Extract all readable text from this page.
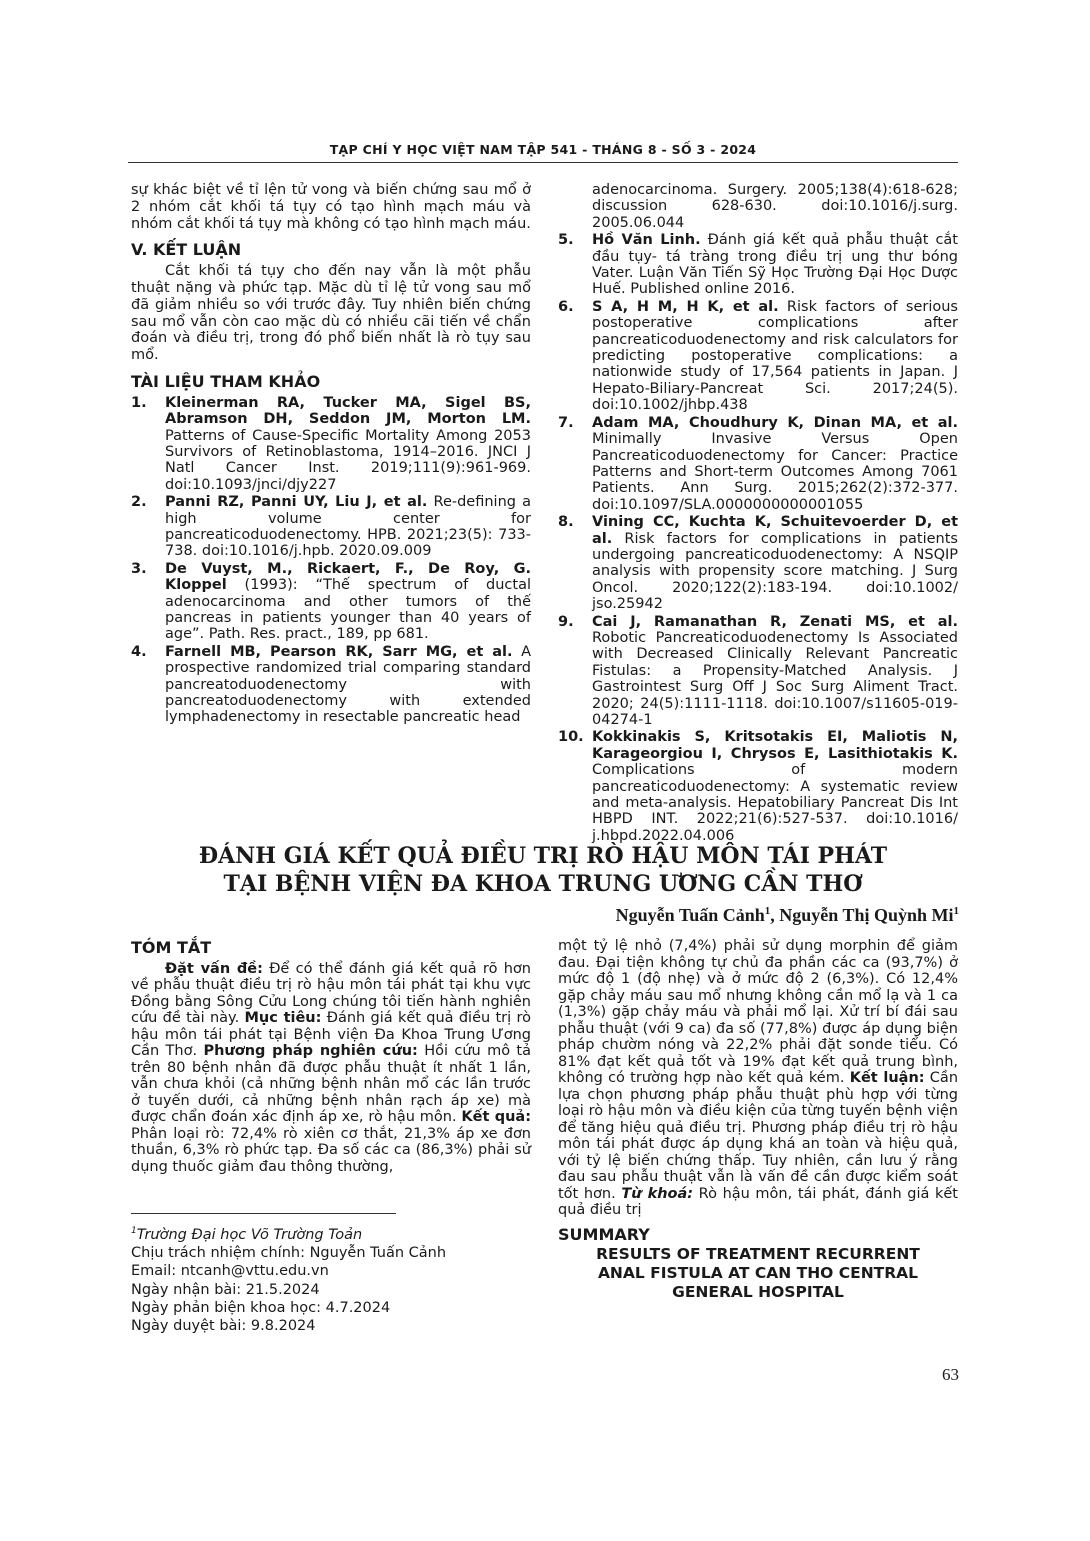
TẠP CHÍ Y HỌC VIỆT NAM TẬP 541 - THÁNG 8 - SỐ 3 - 2024

sự khác biệt về tỉ lện tử vong và biến chứng sau mổ ở 2 nhóm cắt khối tá tụy có tạo hình mạch máu và nhóm cắt khối tá tụy mà không có tạo hình mạch máu.

V. KẾT LUẬN

Cắt khối tá tụy cho đến nay vẫn là một phẫu thuật nặng và phức tạp. Mặc dù tỉ lệ tử vong sau mổ đã giảm nhiều so với trước đây. Tuy nhiên biến chứng sau mổ vẫn còn cao mặc dù có nhiều cãi tiến về chẩn đoán và điều trị, trong đó phổ biến nhất là rò tụy sau mổ.

TÀI LIỆU THAM KHẢO
1. Kleinerman RA, Tucker MA, Sigel BS, Abramson DH, Seddon JM, Morton LM. Patterns of Cause-Specific Mortality Among 2053 Survivors of Retinoblastoma, 1914–2016. JNCI J Natl Cancer Inst. 2019;111(9):961-969. doi:10.1093/jnci/djy227
2. Panni RZ, Panni UY, Liu J, et al. Re-defining a high volume center for pancreaticoduodenectomy. HPB. 2021;23(5): 733-738. doi:10.1016/j.hpb. 2020.09.009
3. De Vuyst, M., Rickaert, F., De Roy, G. Kloppel (1993): “Thế spectrum of ductal adenocarcinoma and other tumors of thế pancreas in patients younger than 40 years of age”. Path. Res. pract., 189, pp 681.
4. Farnell MB, Pearson RK, Sarr MG, et al. A prospective randomized trial comparing standard pancreatoduodenectomy with pancreatoduodenectomy with extended lymphadenectomy in resectable pancreatic head
adenocarcinoma. Surgery. 2005;138(4):618-628; discussion 628-630. doi:10.1016/j.surg. 2005.06.044
5. Hồ Văn Linh. Đánh giá kết quả phẫu thuật cắt đầu tụy- tá tràng trong điều trị ung thư bóng Vater. Luận Văn Tiến Sỹ Học Trường Đại Học Dược Huế. Published online 2016.
6. S A, H M, H K, et al. Risk factors of serious postoperative complications after pancreaticoduodenectomy and risk calculators for predicting postoperative complications: a nationwide study of 17,564 patients in Japan. J Hepato-Biliary-Pancreat Sci. 2017;24(5). doi:10.1002/jhbp.438
7. Adam MA, Choudhury K, Dinan MA, et al. Minimally Invasive Versus Open Pancreaticoduodenectomy for Cancer: Practice Patterns and Short-term Outcomes Among 7061 Patients. Ann Surg. 2015;262(2):372-377. doi:10.1097/SLA.0000000000001055
8. Vining CC, Kuchta K, Schuitevoerder D, et al. Risk factors for complications in patients undergoing pancreaticoduodenectomy: A NSQIP analysis with propensity score matching. J Surg Oncol. 2020;122(2):183-194. doi:10.1002/ jso.25942
9. Cai J, Ramanathan R, Zenati MS, et al. Robotic Pancreaticoduodenectomy Is Associated with Decreased Clinically Relevant Pancreatic Fistulas: a Propensity-Matched Analysis. J Gastrointest Surg Off J Soc Surg Aliment Tract. 2020; 24(5):1111-1118. doi:10.1007/s11605-019-04274-1
10. Kokkinakis S, Kritsotakis EI, Maliotis N, Karageorgiou I, Chrysos E, Lasithiotakis K. Complications of modern pancreaticoduodenectomy: A systematic review and meta-analysis. Hepatobiliary Pancreat Dis Int HBPD INT. 2022;21(6):527-537. doi:10.1016/ j.hbpd.2022.04.006
ĐÁNH GIÁ KẾT QUẢ ĐIỀU TRỊ RÒ HẬU MÔN TÁI PHÁT
TẠI BỆNH VIỆN ĐA KHOA TRUNG ƯƠNG CẦN THƠ
Nguyễn Tuấn Cảnh$^1$, Nguyễn Thị Quỳnh Mi$^1$
TÓM TẮT

Đặt vấn đề: Để có thể đánh giá kết quả rõ hơn về phẫu thuật điều trị rò hậu môn tái phát tại khu vực Đồng bằng Sông Cửu Long chúng tôi tiến hành nghiên cứu đề tài này. Mục tiêu: Đánh giá kết quả điều trị rò hậu môn tái phát tại Bệnh viện Đa Khoa Trung Ương Cần Thơ. Phương pháp nghiên cứu: Hồi cứu mô tả trên 80 bệnh nhân đã được phẫu thuật ít nhất 1 lần, vẫn chưa khỏi (cả những bệnh nhân mổ các lần trước ở tuyến dưới, cả những bệnh nhân rạch áp xe) mà được chẩn đoán xác định áp xe, rò hậu môn. Kết quả: Phân loại rò: 72,4% rò xiên cơ thắt, 21,3% áp xe đơn thuần, 6,3% rò phức tạp. Đa số các ca (86,3%) phải sử dụng thuốc giảm đau thông thường,

$^1$Trường Đại học Võ Trường Toản
Chịu trách nhiệm chính: Nguyễn Tuấn Cảnh
Email: ntcanh@vttu.edu.vn
Ngày nhận bài: 21.5.2024
Ngày phản biện khoa học: 4.7.2024
Ngày duyệt bài: 9.8.2024

một tỷ lệ nhỏ (7,4%) phải sử dụng morphin để giảm đau. Đại tiện không tự chủ đa phần các ca (93,7%) ở mức độ 1 (độ nhẹ) và ở mức độ 2 (6,3%). Có 12,4% gặp chảy máu sau mổ nhưng không cần mổ lạ và 1 ca (1,3%) gặp chảy máu và phải mổ lại. Xử trí bí đái sau phẫu thuật (với 9 ca) đa số (77,8%) được áp dụng biện pháp chườm nóng và 22,2% phải đặt sonde tiểu. Có 81% đạt kết quả tốt và 19% đạt kết quả trung bình, không có trường hợp nào kết quả kém. Kết luận: Cần lựa chọn phương pháp phẫu thuật phù hợp với từng loại rò hậu môn và điều kiện của từng tuyến bệnh viện để tăng hiệu quả điều trị. Phương pháp điều trị rò hậu môn tái phát được áp dụng khá an toàn và hiệu quả, với tỷ lệ biến chứng thấp. Tuy nhiên, cần lưu ý rằng đau sau phẫu thuật vẫn là vấn đề cần được kiểm soát tốt hơn. Từ khoá: Rò hậu môn, tái phát, đánh giá kết quả điều trị

SUMMARY
RESULTS OF TREATMENT RECURRENT
ANAL FISTULA AT CAN THO CENTRAL
GENERAL HOSPITAL
63
